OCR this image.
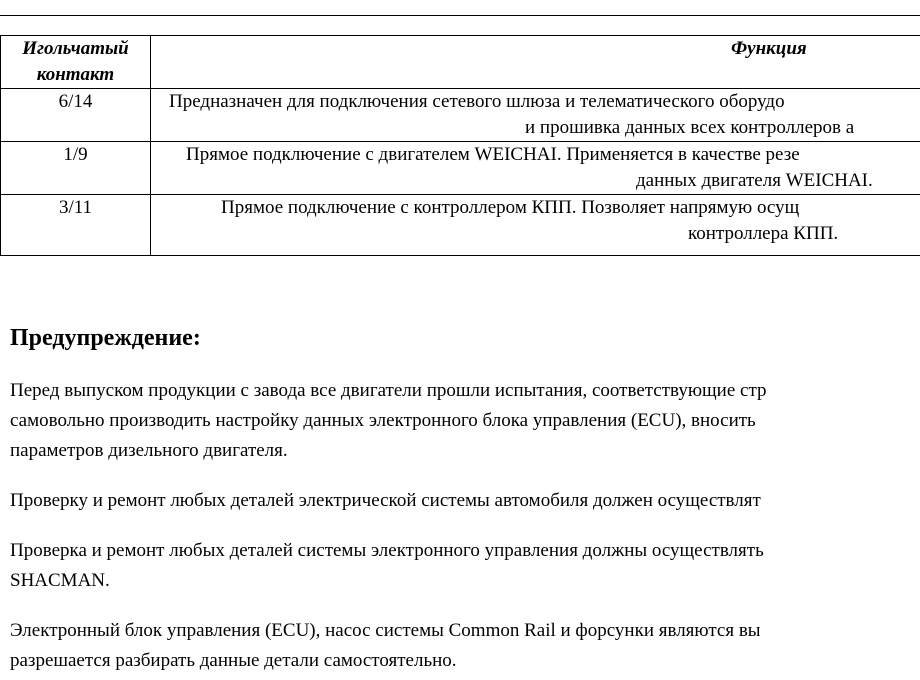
Игольчатый
контакт	Функция
6/14	Предназначен для подключения сетевого шлюза и телематического оборудо
и прошивка данных всех контроллеров а

1/9	Прямое подключение с двигателем WEICHAI. Применяется в качестве резе
данных двигателя WEICHAI.

3/11	Прямое подключение с контроллером КПП. Позволяет напрямую осущ
контроллера КПП.
Предупреждение:
Перед выпуском продукции с завода все двигатели прошли испытания, соответствующие стр
самовольно производить настройку данных электронного блока управления (ECU), вносить
параметров дизельного двигателя.
Проверку и ремонт любых деталей электрической системы автомобиля должен осуществлят
Проверка и ремонт любых деталей системы электронного управления должны осуществлять
SHACMAN.
Электронный блок управления (ECU), насос системы Common Rail и форсунки являются вы
разрешается разбирать данные детали самостоятельно.
